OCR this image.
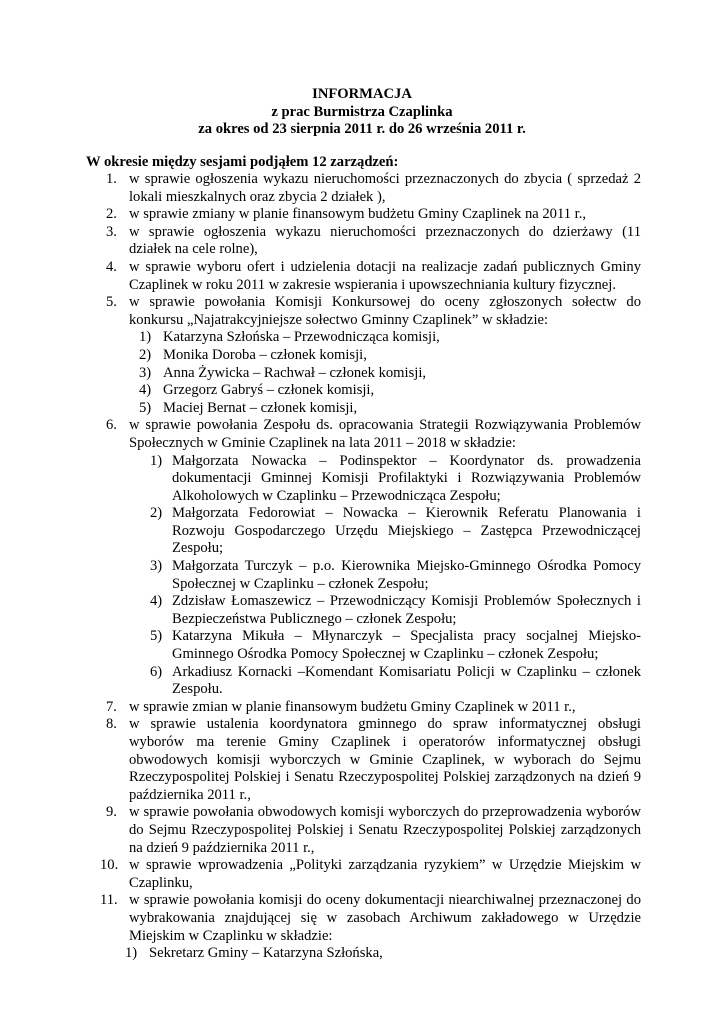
INFORMACJA
z prac Burmistrza Czaplinka
za okres od 23 sierpnia 2011 r. do 26 września 2011 r.
W okresie między sesjami podjąłem 12 zarządzeń:
1. w sprawie ogłoszenia wykazu nieruchomości przeznaczonych do zbycia ( sprzedaż 2 lokali mieszkalnych oraz zbycia 2 działek ),
2. w sprawie zmiany w planie finansowym budżetu Gminy Czaplinek na 2011 r.,
3. w sprawie ogłoszenia wykazu nieruchomości przeznaczonych do dzierżawy (11 działek na cele rolne),
4. w sprawie wyboru ofert i udzielenia dotacji na realizacje zadań publicznych Gminy Czaplinek w roku 2011 w zakresie wspierania i upowszechniania kultury fizycznej.
5. w sprawie powołania Komisji Konkursowej do oceny zgłoszonych sołectw do konkursu „Najatrakcyjniejsze sołectwo Gminny Czaplinek” w składzie:
1) Katarzyna Szłońska – Przewodnicząca komisji,
2) Monika Doroba – członek komisji,
3) Anna Żywicka – Rachwał – członek komisji,
4) Grzegorz Gabryś – członek komisji,
5) Maciej Bernat – członek komisji,
6. w sprawie powołania Zespołu ds. opracowania Strategii Rozwiązywania Problemów Społecznych w Gminie Czaplinek na lata 2011 – 2018 w składzie:
1) Małgorzata Nowacka – Podinspektor – Koordynator ds. prowadzenia dokumentacji Gminnej Komisji Profilaktyki i Rozwiązywania Problemów Alkoholowych w Czaplinku – Przewodnicząca Zespołu;
2) Małgorzata Fedorowiat – Nowacka – Kierownik Referatu Planowania i Rozwoju Gospodarczego Urzędu Miejskiego – Zastępca Przewodniczącej Zespołu;
3) Małgorzata Turczyk – p.o. Kierownika Miejsko-Gminnego Ośrodka Pomocy Społecznej w Czaplinku – członek Zespołu;
4) Zdzisław Łomaszewicz – Przewodniczący Komisji Problemów Społecznych i Bezpieczeństwa Publicznego – członek Zespołu;
5) Katarzyna Mikuła – Młynarczyk – Specjalista pracy socjalnej Miejsko-Gminnego Ośrodka Pomocy Społecznej w Czaplinku – członek Zespołu;
6) Arkadiusz Kornacki –Komendant Komisariatu Policji w Czaplinku – członek Zespołu.
7. w sprawie zmian w planie finansowym budżetu Gminy Czaplinek w 2011 r.,
8. w sprawie ustalenia koordynatora gminnego do spraw informatycznej obsługi wyborów ma terenie Gminy Czaplinek i operatorów informatycznej obsługi obwodowych komisji wyborczych w Gminie Czaplinek, w wyborach do Sejmu Rzeczypospolitej Polskiej i Senatu Rzeczypospolitej Polskiej zarządzonych na dzień 9 października 2011 r.,
9. w sprawie powołania obwodowych komisji wyborczych do przeprowadzenia wyborów do Sejmu Rzeczypospolitej Polskiej i Senatu Rzeczypospolitej Polskiej zarządzonych na dzień 9 października 2011 r.,
10. w sprawie wprowadzenia „Polityki zarządzania ryzykiem” w Urzędzie Miejskim w Czaplinku,
11. w sprawie powołania komisji do oceny dokumentacji niearchiwalnej przeznaczonej do wybrakowania znajdującej się w zasobach Archiwum zakładowego w Urzędzie Miejskim w Czaplinku w składzie:
1) Sekretarz Gminy – Katarzyna Szłońska,
